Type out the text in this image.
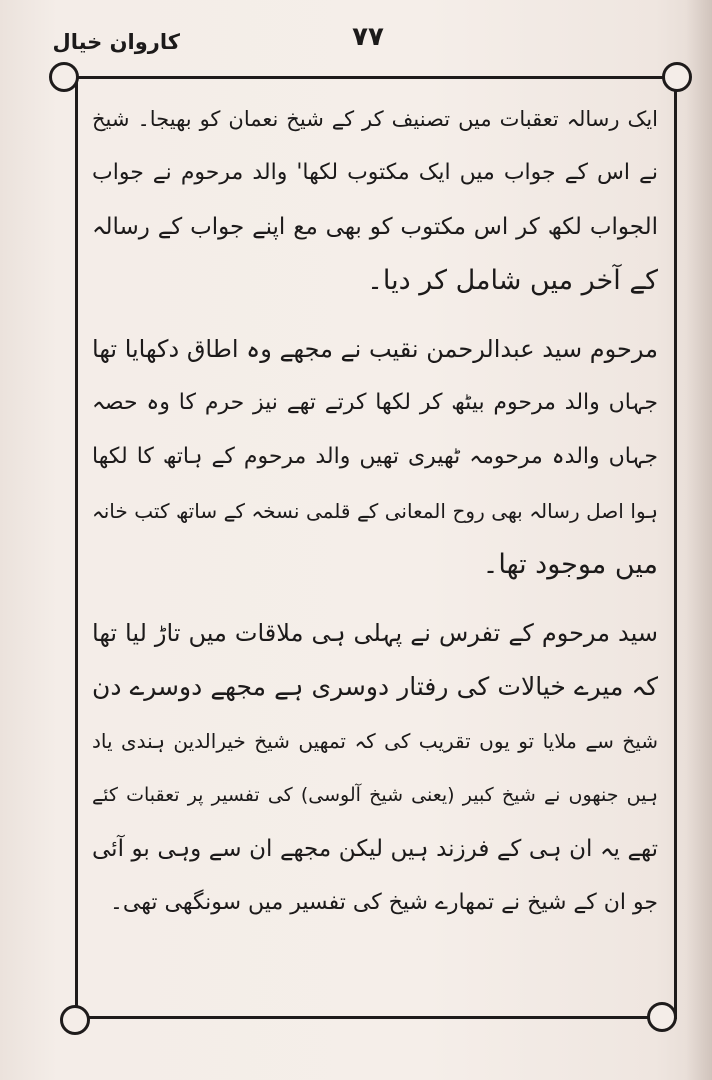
کاروان خیال	۷۷
ایک رسالہ تعقبات میں تصنیف کر کے شیخ نعمان کو بھیجا۔ شیخ
نے اس کے جواب میں ایک مکتوب لکھا' والد مرحوم نے جواب
الجواب لکھ کر اس مکتوب کو بھی مع اپنے جواب کے رسالہ
کے آخر میں شامل کر دیا۔
مرحوم سید عبدالرحمن نقیب نے مجھے وہ اطاق دکھایا تھا
جہاں والد مرحوم بیٹھ کر لکھا کرتے تھے نیز حرم کا وہ حصہ
جہاں والدہ مرحومہ ٹھیری تھیں والد مرحوم کے ہاتھ کا لکھا
ہوا اصل رسالہ بھی روح المعانی کے قلمی نسخہ کے ساتھ کتب خانہ
میں موجود تھا۔
سید مرحوم کے تفرس نے پہلی ہی ملاقات میں تاڑ لیا تھا
کہ میرے خیالات کی رفتار دوسری ہے مجھے دوسرے دن
شیخ سے ملایا تو یوں تقریب کی کہ تمھیں شیخ خیرالدین ہندی یاد
ہیں جنھوں نے شیخ کبیر (یعنی شیخ آلوسی) کی تفسیر پر تعقبات کئے
تھے یہ ان ہی کے فرزند ہیں لیکن مجھے ان سے وہی بو آئی
جو ان کے شیخ نے تمھارے شیخ کی تفسیر میں سونگھی تھی۔
